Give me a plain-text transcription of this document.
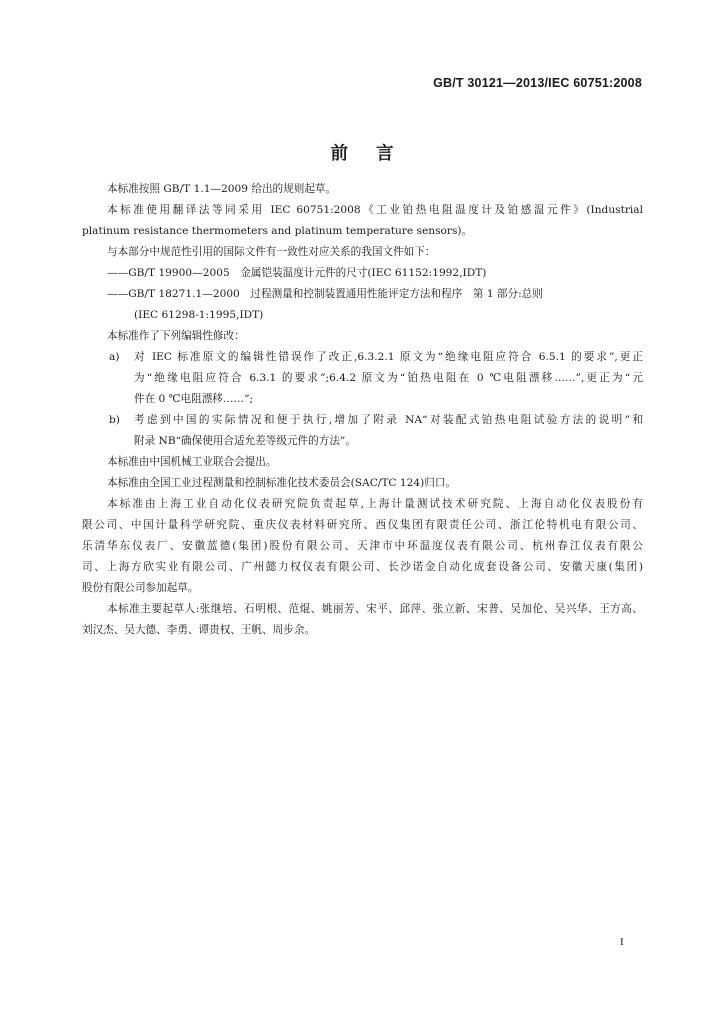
GB/T 30121—2013/IEC 60751:2008
前言
本标准按照 GB/T 1.1—2009 给出的规则起草。
本标准使用翻译法等同采用 IEC 60751:2008《工业铂热电阻温度计及铂感温元件》(Industrial
platinum resistance thermometers and platinum temperature sensors)。
与本部分中规范性引用的国际文件有一致性对应关系的我国文件如下：
——GB/T 19900—2005　金属铠装温度计元件的尺寸(IEC 61152:1992,IDT)
——GB/T 18271.1—2000　过程测量和控制装置通用性能评定方法和程序　第 1 部分:总则
(IEC 61298-1:1995,IDT)
本标准作了下列编辑性修改：
a) 对 IEC 标准原文的编辑性错误作了改正,6.3.2.1 原文为“绝缘电阻应符合 6.5.1 的要求”,更正
为“绝缘电阻应符合 6.3.1 的要求”;6.4.2 原文为“铂热电阻在 0 ℃电阻漂移……”,更正为“元
件在 0 ℃电阻漂移……”;
b) 考虑到中国的实际情况和便于执行,增加了附录 NA“对装配式铂热电阻试验方法的说明”和
附录 NB“确保使用合适允差等级元件的方法”。
本标准由中国机械工业联合会提出。
本标准由全国工业过程测量和控制标准化技术委员会(SAC/TC 124)归口。
本标准由上海工业自动化仪表研究院负责起草,上海计量测试技术研究院、上海自动化仪表股份有
限公司、中国计量科学研究院、重庆仪表材料研究所、西仪集团有限责任公司、浙江伦特机电有限公司、
乐清华东仪表厂、安徽蓝德(集团)股份有限公司、天津市中环温度仪表有限公司、杭州春江仪表有限公
司、上海方欣实业有限公司、广州懿力权仪表有限公司、长沙诺金自动化成套设备公司、安徽天康(集团)
股份有限公司参加起草。
本标准主要起草人:张继培、石明根、范焜、姚丽芳、宋平、邱萍、张立新、宋普、吴加伦、吴兴华、王方高、
刘汉杰、吴大德、李勇、谭贵权、王帆、周步余。
I
